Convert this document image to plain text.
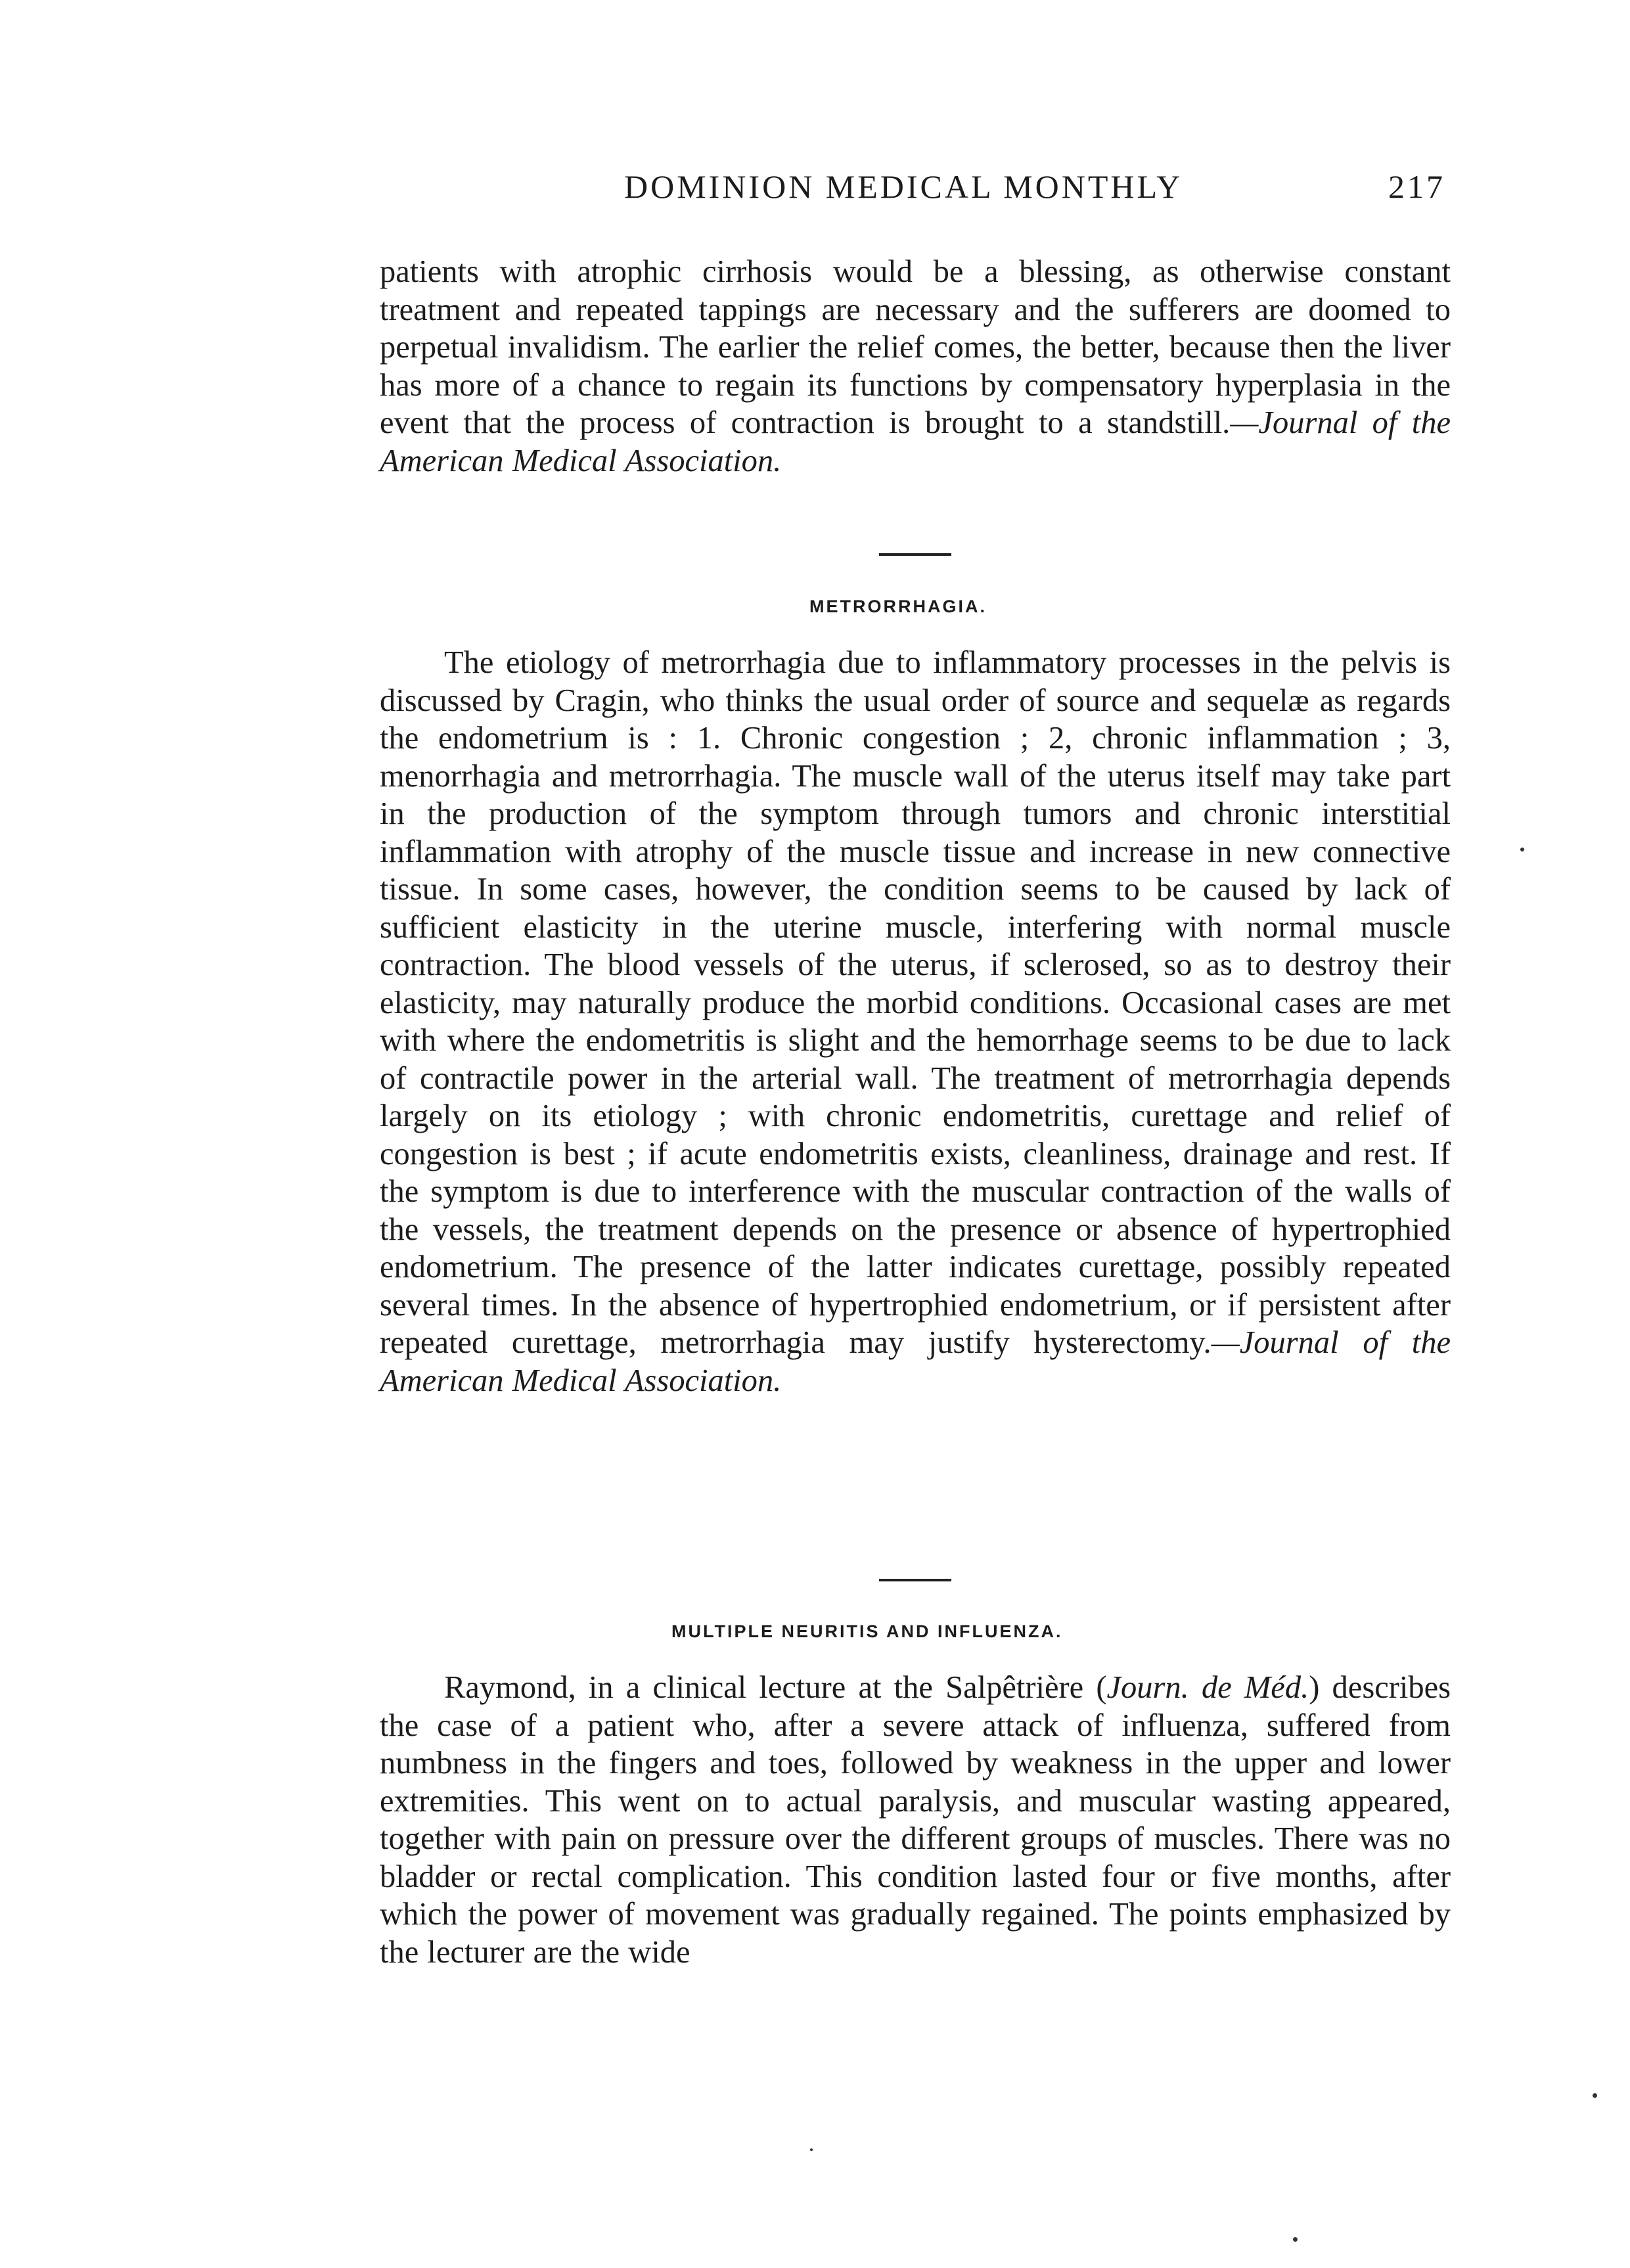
DOMINION MEDICAL MONTHLY	217

patients with atrophic cirrhosis would be a blessing, as otherwise constant treatment and repeated tappings are necessary and the sufferers are doomed to perpetual invalidism. The earlier the relief comes, the better, because then the liver has more of a chance to regain its functions by compensatory hyperplasia in the event that the process of contraction is brought to a standstill.—Journal of the American Medical Association.

METRORRHAGIA.

The etiology of metrorrhagia due to inflammatory processes in the pelvis is discussed by Cragin, who thinks the usual order of source and sequelæ as regards the endometrium is : 1. Chronic congestion ; 2, chronic inflammation ; 3, menorrhagia and metrorrhagia. The muscle wall of the uterus itself may take part in the production of the symptom through tumors and chronic interstitial inflammation with atrophy of the muscle tissue and increase in new connective tissue. In some cases, however, the condition seems to be caused by lack of sufficient elasticity in the uterine muscle, interfering with normal muscle contraction. The blood vessels of the uterus, if sclerosed, so as to destroy their elasticity, may naturally produce the morbid conditions. Occasional cases are met with where the endometritis is slight and the hemorrhage seems to be due to lack of contractile power in the arterial wall. The treatment of metrorrhagia depends largely on its etiology ; with chronic endometritis, curettage and relief of congestion is best ; if acute endometritis exists, cleanliness, drainage and rest. If the symptom is due to interference with the muscular contraction of the walls of the vessels, the treatment depends on the presence or absence of hypertrophied endometrium. The presence of the latter indicates curettage, possibly repeated several times. In the absence of hypertrophied endometrium, or if persistent after repeated curettage, metrorrhagia may justify hysterectomy.—Journal of the American Medical Association.

MULTIPLE NEURITIS AND INFLUENZA.

Raymond, in a clinical lecture at the Salpêtrière (Journ. de Méd.) describes the case of a patient who, after a severe attack of influenza, suffered from numbness in the fingers and toes, followed by weakness in the upper and lower extremities. This went on to actual paralysis, and muscular wasting appeared, together with pain on pressure over the different groups of muscles. There was no bladder or rectal complication. This condition lasted four or five months, after which the power of movement was gradually regained. The points emphasized by the lecturer are the wide
